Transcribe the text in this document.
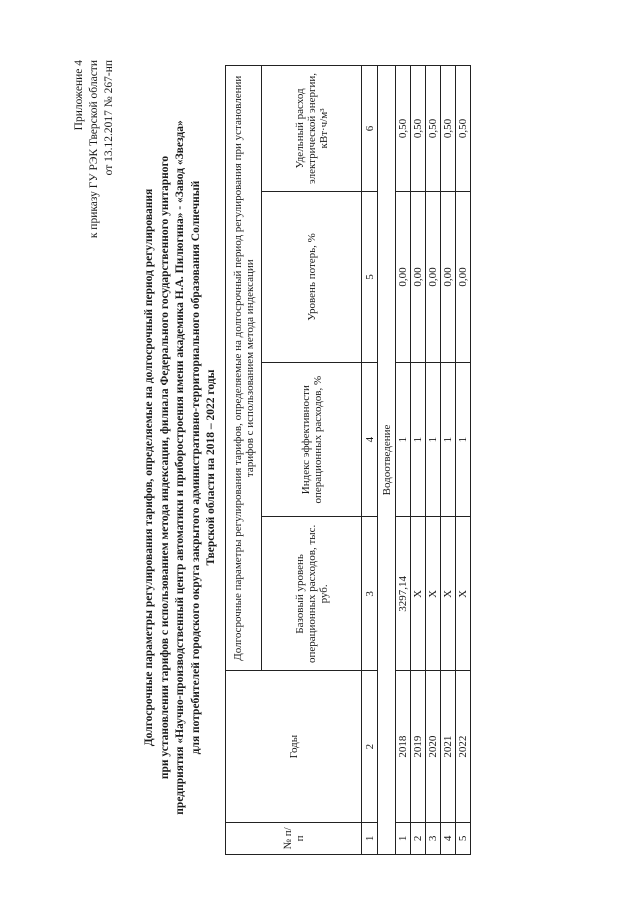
Приложение 4 к приказу ГУ РЭК Тверской области от 13.12.2017 № 267-нп
Долгосрочные параметры регулирования тарифов, определяемые на долгосрочный период регулирования при установлении тарифов с использованием метода индексации, филиала Федерального государственного унитарного предприятия «Научно-производственный центр автоматики и приборостроения имени академика Н.А. Пилюгина» - «Завод «Звезда» для потребителей городского округа закрытого административно-территориального образования Солнечный Тверской области на 2018 – 2022 годы
№ п/п	Годы	Долгосрочные параметры регулирования тарифов, определяемые на долгосрочный период регулирования при установлении тарифов с использованием метода индексации			
		Базовый уровень операционных расходов, тыс. руб.	Индекс эффективности операционных расходов, %	Уровень потерь, %	Удельный расход электрической энергии, кВт·ч/м³
1	2	3	4	5	6
Водоотведение					
1	2018	3297,14	1	0,00	0,50
2	2019	X	1	0,00	0,50
3	2020	X	1	0,00	0,50
4	2021	X	1	0,00	0,50
5	2022	X	1	0,00	0,50
